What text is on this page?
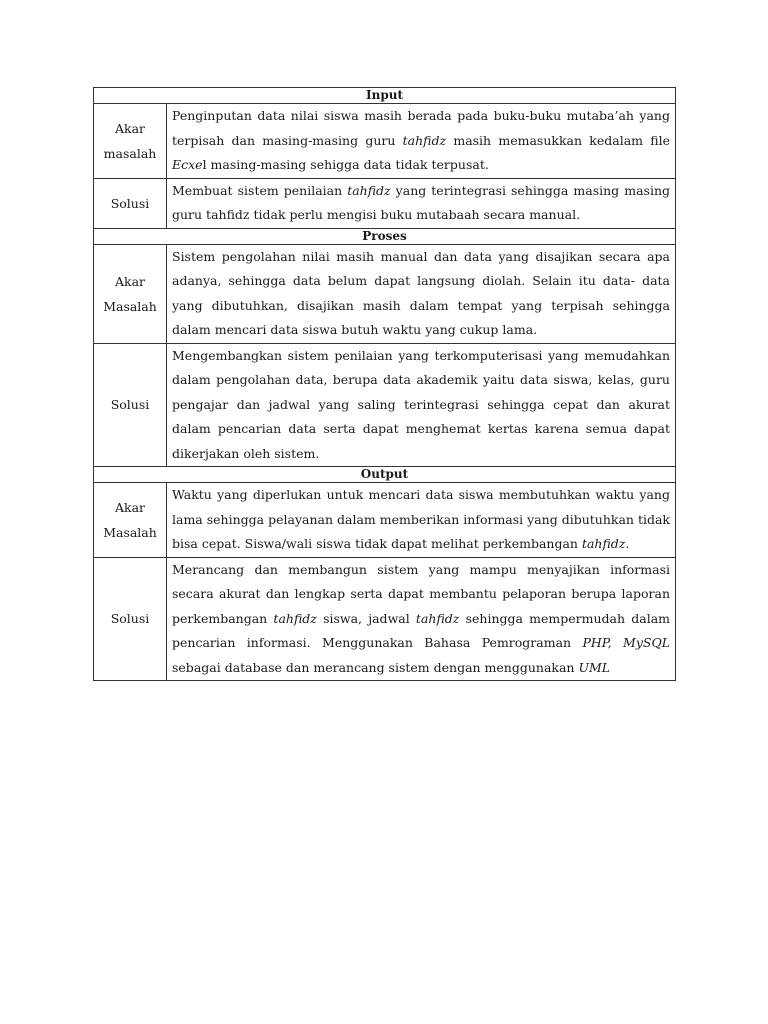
Input	

Akar
masalah	Penginputan data nilai siswa masih berada pada buku-buku mutaba’ah yang terpisah dan masing-masing guru tahfidz masih memasukkan kedalam file Ecxel masing-masing sehigga data tidak terpusat.

Solusi	Membuat sistem penilaian tahfidz yang terintegrasi sehingga masing masing guru tahfidz tidak perlu mengisi buku mutabaah secara manual.
Proses	

Akar
Masalah	Sistem pengolahan nilai masih manual dan data yang disajikan secara apa adanya, sehingga data belum dapat langsung diolah. Selain itu data- data yang dibutuhkan, disajikan masih dalam tempat yang terpisah sehingga dalam mencari data siswa butuh waktu yang cukup lama.

Solusi	Mengembangkan sistem penilaian yang terkomputerisasi yang memudahkan dalam pengolahan data, berupa data akademik yaitu data siswa, kelas, guru pengajar dan jadwal yang saling terintegrasi sehingga cepat dan akurat dalam pencarian data serta dapat menghemat kertas karena semua dapat dikerjakan oleh sistem.
Output	

Akar
Masalah	Waktu yang diperlukan untuk mencari data siswa membutuhkan waktu yang lama sehingga pelayanan dalam memberikan informasi yang dibutuhkan tidak bisa cepat. Siswa/wali siswa tidak dapat melihat perkembangan tahfidz.

Solusi	Merancang dan membangun sistem yang mampu menyajikan informasi secara akurat dan lengkap serta dapat membantu pelaporan berupa laporan perkembangan tahfidz siswa, jadwal tahfidz sehingga mempermudah dalam pencarian informasi. Menggunakan Bahasa Pemrograman PHP, MySQL sebagai database dan merancang sistem dengan menggunakan UML
